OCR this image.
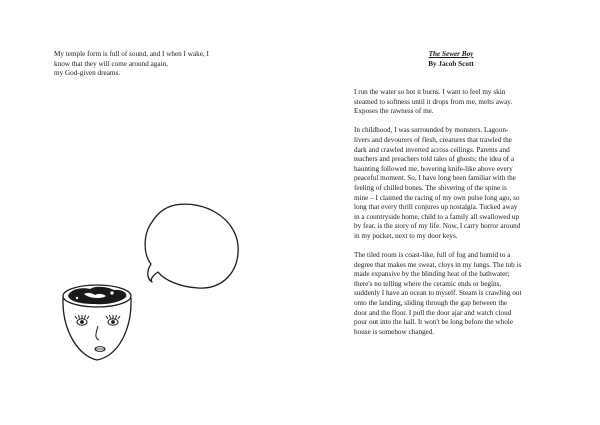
My temple form is full of sound, and I when I wake, I
know that they will come around again,
my God-given dreams.

The Sewer Boy

By Jacob Scott

I run the water so hot it burns. I want to feel my skin
steamed to softness until it drops from me, melts away.
Exposes the rawness of me.
In childhood, I was surrounded by monsters. Lagoon-
livers and devourers of flesh, creatures that trawled the
dark and crawled inverted across ceilings. Parents and
teachers and preachers told tales of ghosts; the idea of a
haunting followed me, hovering knife-like above every
peaceful moment. So, I have long been familiar with the
feeling of chilled bones. The shivering of the spine is
mine – I claimed the racing of my own pulse long ago, so
long that every thrill conjures up nostalgia. Tucked away
in a countryside home, child to a family all swallowed up
by fear, is the story of my life. Now, I carry horror around
in my pocket, next to my door keys.
The tiled room is coast-like, full of fog and humid to a
degree that makes me sweat, cloys in my lungs. The tub is
made expansive by the blinding heat of the bathwater;
there's no telling where the ceramic ends or begins,
suddenly I have an ocean to myself. Steam is crawling out
onto the landing, sliding through the gap between the
door and the floor. I pull the door ajar and watch cloud
pour out into the hall. It won't be long before the whole
house is somehow changed.
